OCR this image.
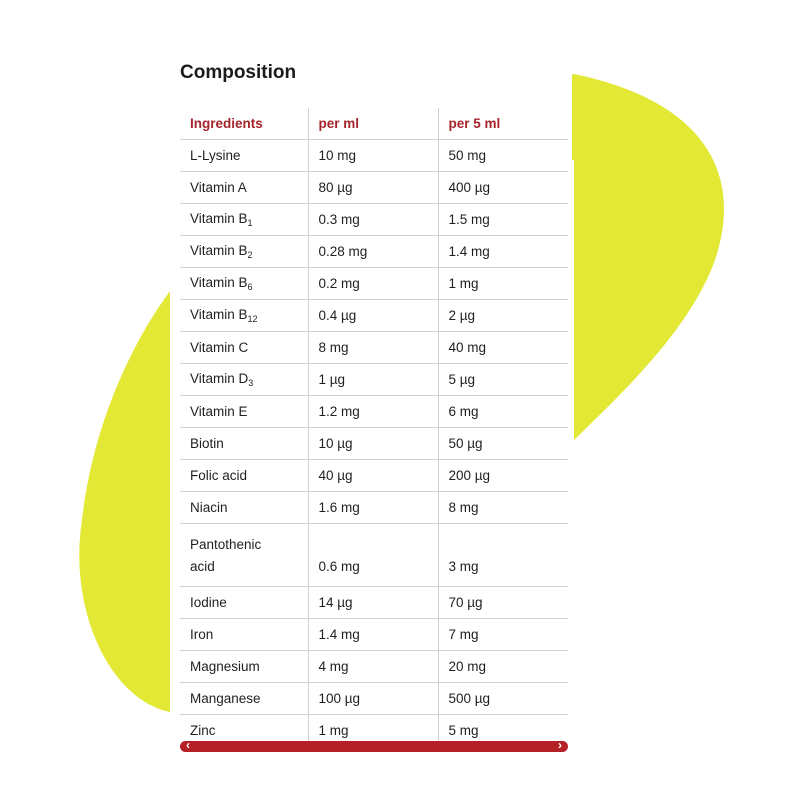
Composition
Ingredients	per ml	per 5 ml
L-Lysine	10 mg	50 mg
Vitamin A	80 µg	400 µg
Vitamin $B_1$	0.3 mg	1.5 mg
Vitamin $B_2$	0.28 mg	1.4 mg
Vitamin $B_6$	0.2 mg	1 mg
Vitamin $B_{12}$	0.4 µg	2 µg
Vitamin C	8 mg	40 mg
Vitamin $D_3$	1 µg	5 µg
Vitamin E	1.2 mg	6 mg
Biotin	10 µg	50 µg
Folic acid	40 µg	200 µg
Niacin	1.6 mg	8 mg
Pantothenic
acid	0.6 mg	3 mg
Iodine	14 µg	70 µg
Iron	1.4 mg	7 mg
Magnesium	4 mg	20 mg
Manganese	100 µg	500 µg
Zinc	1 mg	5 mg
‹	›
